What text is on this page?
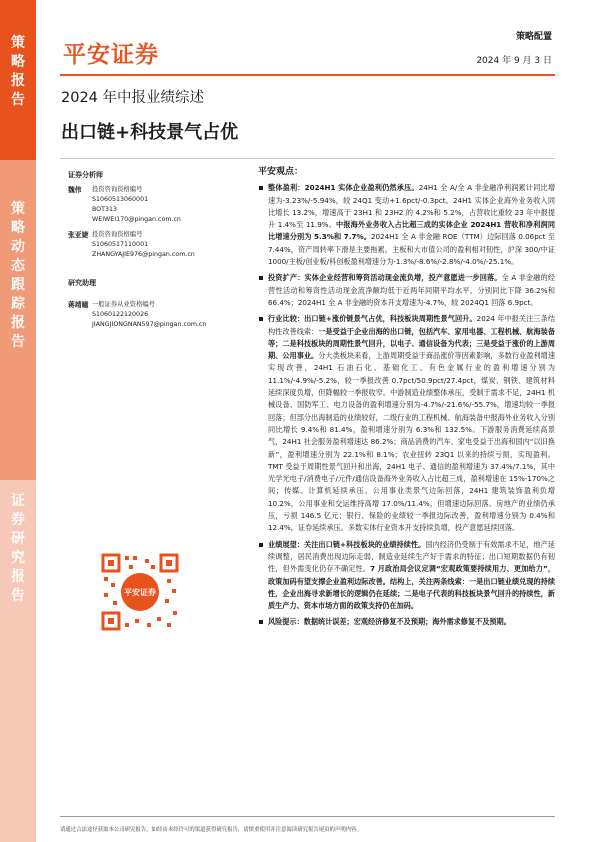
策
略
报
告
策
略
动
态
跟
踪
报
告
证
券
研
究
报
告
平安证券
策略配置
2024 年 9 月 3 日
2024 年中报业绩综述
出口链+科技景气占优
证券分析师
魏伟	投资咨询资格编号
S1060513060001
BOT313
WEIWEI170@pingan.com.cn
张亚婕 投资咨询资格编号
S1060517110001
ZHANGYAJIE976@pingan.com.cn
研究助理
蒋靖曈 一般证券从业资格编号
S1060122120026
JIANGJIONGNAN597@pingan.com.cn
平安证券
平安观点：
整体盈利：2024H1 实体企业盈利仍然承压。24H1 全 A/全 A 非金融净利润累计同比增速为-3.23%/-5.94%，较 24Q1 变动+1.6pct/-0.3pct。24H1 实体企业海外业务收入同比增长 13.2%，增速高于 23H1 和 23H2 的 4.2%和 5.2%，占营收比重较 23 年中报提升 1.4%至 11.9%。中报海外业务收入占比超三成的实体企业 2024H1 营收和净利润同比增速分别为 5.3%和 7.7%。2024H1 全 A 非金融 ROE（TTM）边际回落 0.06pct 至 7.44%，资产周转率下滑是主要拖累。主板和大市值公司的盈利相对韧性，沪深 300/中证 1000/主板/创业板/科创板盈利增速分为-1.3%/-8.6%/-2.8%/-4.0%/-25.1%。
投资扩产：实体企业经营和筹资活动现金流负增，投产意愿进一步回落。全 A 非金融的经营性活动和筹资性活动现金流净额均低于近两年同期平均水平，分别同比下降 36.2%和 66.4%；2024H1 全 A 非金融的资本开支增速为-4.7%，较 2024Q1 回落 6.9pct。
行业比较：出口链+涨价链景气占优，科技板块周期性景气回升。2024 年中报关注三条结构性改善线索：一是受益于企业出海的出口链，包括汽车、家用电器、工程机械、航海装备等；二是科技板块的周期性景气回升，以电子、通信设备为代表；三是受益于涨价的上游周期、公用事业。分大类板块来看，上游周期受益于商品涨价等因素影响，多数行业盈利增速实现改善，24H1 石油石化、基础化工、有色金属行业的盈利增速分别为 11.1%/-4.9%/-5.2%，较一季报改善 0.7pct/50.9pct/27.4pct，煤炭、钢铁、建筑材料延续深度负增，但降幅较一季报收窄。中游制造业绩整体承压，受制于需求不足，24H1 机械设备、国防军工、电力设备的盈利增速分别为-4.7%/-21.6%/-55.7%，增速均较一季报回落；但部分出海制造的业绩较好，二级行业的工程机械、航海装备中报海外业务收入分别同比增长 9.4%和 81.4%，盈利增速分别为 6.3%和 132.5%。下游服务消费延续高景气，24H1 社会服务盈利增速达 86.2%；商品消费的汽车、家电受益于出海和国内“以旧换新”，盈利增速分别为 22.1%和 8.1%；农业扭转 23Q1 以来的持续亏损，实现盈利。TMT 受益于周期性景气回升和出海，24H1 电子、通信的盈利增速为 37.4%/7.1%，其中光学光电子/消费电子/元件/通信设备海外业务收入占比超三成，盈利增速在 15%-170%之间；传媒、计算机延续承压。公用事业类景气边际回落，24H1 建筑装饰盈利负增 10.2%，公用事业和交运维持高增 17.0%/11.4%，但增速边际回落。房地产的业绩仍承压，亏损 146.5 亿元；银行、保险的业绩较一季报边际改善，盈利增速分别为 0.4%和 12.4%，证券延续承压。多数实体行业资本开支持续负增，投产意愿延续回落。
业绩展望：关注出口链+科技板块的业绩持续性。国内经济仍受制于有效需求不足，地产延续调整，居民消费出现边际走弱，制造业延续生产好于需求的特征；出口短期数据仍有韧性，但外需变化仍存不确定性。7 月政治局会议定调“宏观政策要持续用力、更加给力”，政策加码有望支撑企业盈利边际改善。结构上，关注两条线索：一是出口链业绩兑现的持续性，企业出海寻求新增长的逻辑仍在延续；二是电子代表的科技板块景气回升的持续性，新质生产力、资本市场方面的政策支持仍在加码。
风险提示：数据统计误差；宏观经济修复不及预期；海外需求修复不及预期。
请通过合法途径获取本公司研究报告，如经由未经许可的渠道获得研究报告，请慎重使用并注意阅读研究报告尾页的声明内容。
